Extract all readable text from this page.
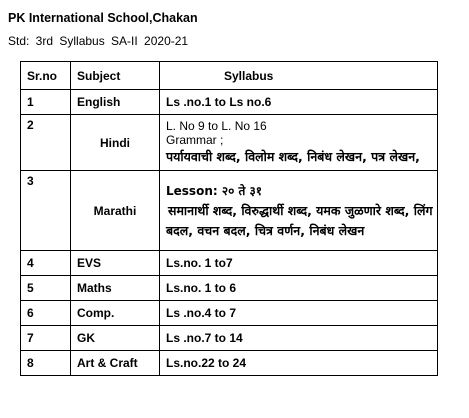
PK International School,Chakan
Std: 3rd Syllabus SA-II 2020-21
Sr.no	Subject	Syllabus
1	English	Ls .no.1 to Ls no.6
2	Hindi	L. No 9 to L. No 16
Grammar ;
पर्यायवाची शब्द, विलोम शब्द, निबंध लेखन, पत्र लेखन,

3	Marathi	Lesson: २० ते ३१
समानार्थी शब्द, विरुद्धार्थी शब्द, यमक जुळणारे शब्द, लिंग
बदल, वचन बदल, चित्र वर्णन, निबंध लेखन

4	EVS	Ls.no. 1 to7
5	Maths	Ls.no. 1 to 6
6	Comp.	Ls .no.4 to 7
7	GK	Ls .no.7 to 14
8	Art & Craft	Ls.no.22 to 24
